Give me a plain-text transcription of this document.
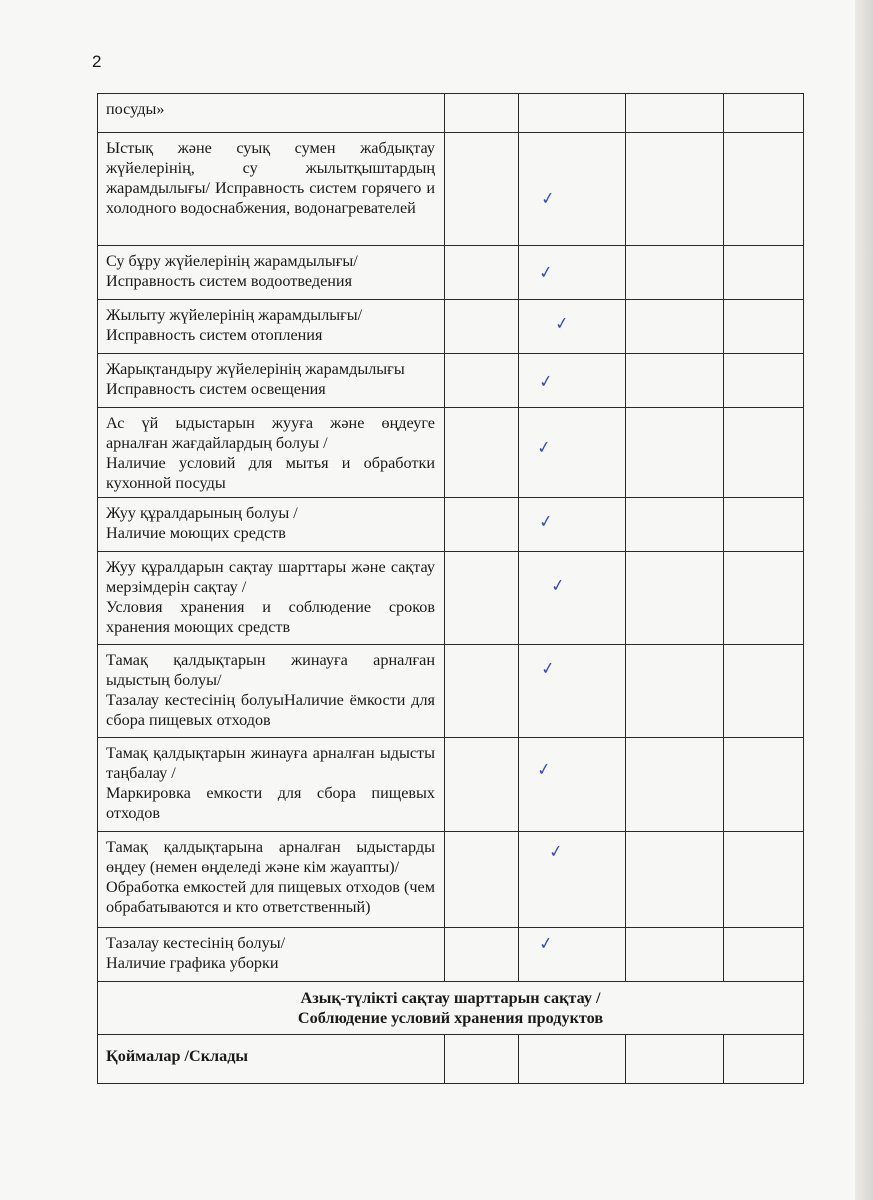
2
посуды»				

Ыстық және суық сумен жабдықтау жүйелерінің, су жылытқыштардың жарамдылығы/ Исправность систем горячего и холодного водоснабжения, водонагревателей		✓		

Су бұру жүйелерінің жарамдылығы/
Исправность систем водоотведения		✓		

Жылыту жүйелерінің жарамдылығы/
Исправность систем отопления		✓		

Жарықтандыру жүйелерінің жарамдылығы
Исправность систем освещения		✓		

Ас үй ыдыстарын жууға және өңдеуге арналған жағдайлардың болуы /
Наличие условий для мытья и обработки кухонной посуды		✓		

Жуу құралдарының болуы /
Наличие моющих средств		✓		

Жуу құралдарын сақтау шарттары және сақтау мерзімдерін сақтау /
Условия хранения и соблюдение сроков хранения моющих средств		✓		

Тамақ қалдықтарын жинауға арналған ыдыстың болуы/
Тазалау кестесінің болуыНаличие ёмкости для сбора пищевых отходов		✓		

Тамақ қалдықтарын жинауға арналған ыдысты таңбалау /
Маркировка емкости для сбора пищевых отходов		✓		

Тамақ қалдықтарына арналған ыдыстарды өңдеу (немен өңделеді және кім жауапты)/
Обработка емкостей для пищевых отходов (чем обрабатываются и кто ответственный)		✓		

Тазалау кестесінің болуы/
Наличие графика уборки		✓		

Азық-түлікті сақтау шарттарын сақтау /
Соблюдение условий хранения продуктов				

Қоймалар /Склады				
